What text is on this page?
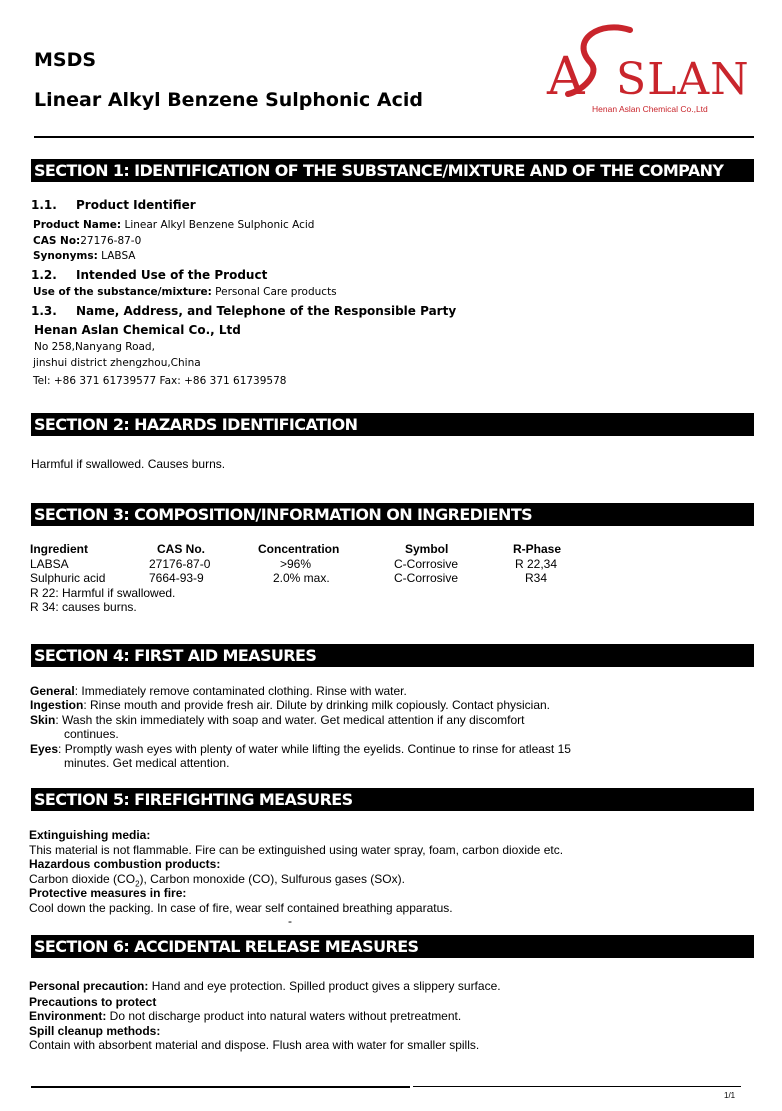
MSDS
Linear Alkyl Benzene Sulphonic Acid A SLAN
Henan Aslan Chemical Co.,Ltd
SECTION 1: IDENTIFICATION OF THE SUBSTANCE/MIXTURE AND OF THE COMPANY
1.1. Product Identifier
Product Name: Linear Alkyl Benzene Sulphonic Acid
CAS No:27176-87-0
Synonyms: LABSA
1.2. Intended Use of the Product
Use of the substance/mixture: Personal Care products
1.3. Name, Address, and Telephone of the Responsible Party
Henan Aslan Chemical Co., Ltd
No 258,Nanyang Road,
jinshui district zhengzhou,China
Tel: +86 371 61739577 Fax: +86 371 61739578
SECTION 2: HAZARDS IDENTIFICATION
Harmful if swallowed. Causes burns.
SECTION 3: COMPOSITION/INFORMATION ON INGREDIENTS
Ingredient	CAS No.	Concentration	Symbol	R-Phase
LABSA	27176-87-0	>96%	C-Corrosive	R 22,34
Sulphuric acid	7664-93-9	2.0% max.	C-Corrosive	R34
R 22: Harmful if swallowed.
R 34: causes burns.
SECTION 4: FIRST AID MEASURES
General: Immediately remove contaminated clothing. Rinse with water.
Ingestion: Rinse mouth and provide fresh air. Dilute by drinking milk copiously. Contact physician.
Skin: Wash the skin immediately with soap and water. Get medical attention if any discomfort
continues.
Eyes: Promptly wash eyes with plenty of water while lifting the eyelids. Continue to rinse for atleast 15
minutes. Get medical attention.
SECTION 5: FIREFIGHTING MEASURES
Extinguishing media:
This material is not flammable. Fire can be extinguished using water spray, foam, carbon dioxide etc.
Hazardous combustion products:
Carbon dioxide $(CO_2)$, Carbon monoxide (CO), Sulfurous gases (SOx).
Protective measures in fire:
Cool down the packing. In case of fire, wear self contained breathing apparatus.
-
SECTION 6: ACCIDENTAL RELEASE MEASURES
Personal precaution: Hand and eye protection. Spilled product gives a slippery surface.
Precautions to protect
Environment: Do not discharge product into natural waters without pretreatment.
Spill cleanup methods:
Contain with absorbent material and dispose. Flush area with water for smaller spills.
1/1
